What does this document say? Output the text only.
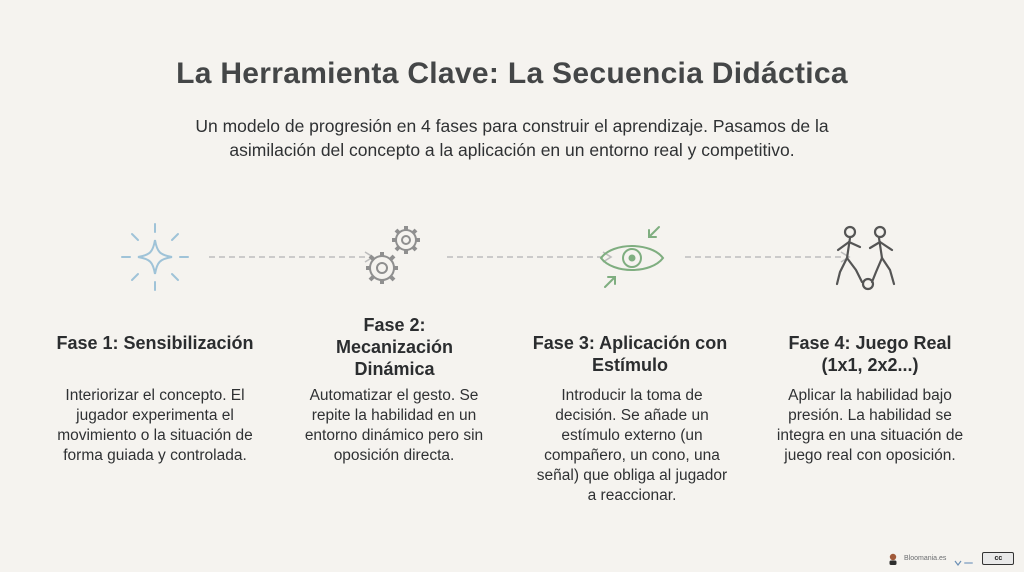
La Herramienta Clave: La Secuencia Didáctica
Un modelo de progresión en 4 fases para construir el aprendizaje. Pasamos de la asimilación del concepto a la aplicación en un entorno real y competitivo.
Fase 1: Sensibilización
Fase 2: Mecanización Dinámica
Fase 3: Aplicación con Estímulo
Fase 4: Juego Real (1x1, 2x2...)
Interiorizar el concepto. El jugador experimenta el movimiento o la situación de forma guiada y controlada.
Automatizar el gesto. Se repite la habilidad en un entorno dinámico pero sin oposición directa.
Introducir la toma de decisión. Se añade un estímulo externo (un compañero, un cono, una señal) que obliga al jugador a reaccionar.
Aplicar la habilidad bajo presión. La habilidad se integra en una situación de juego real con oposición.
Bloomania.es	cc
